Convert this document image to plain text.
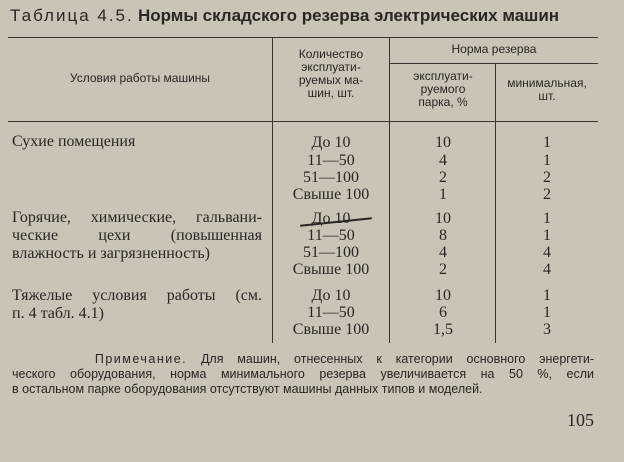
Таблица 4.5. Нормы складского резерва электрических машин
Условия работы машины
Количество
эксплуати-
руемых ма-
шин, шт.
Норма резерва
эксплуати-
руемого
парка, %
минимальная,
шт.
Сухие помещения	До 10
11—50
51—100
Свыше 100
10
4
2
1
1
1
2
2
Горячие, химические, гальвани-
ческие цехи (повышенная
влажность и загрязненность)
До 10
11—50
51—100
Свыше 100
10
8
4
2
1
1
4
4
Тяжелые условия работы (см.
п. 4 табл. 4.1)
До 10
11—50
Свыше 100
10
6
1,5
1
1
3
Примечание. Для машин, отнесенных к категории основного энергети-
ческого оборудования, норма минимального резерва увеличивается на 50 %, если
в остальном парке оборудования отсутствуют машины данных типов и моделей.
105
